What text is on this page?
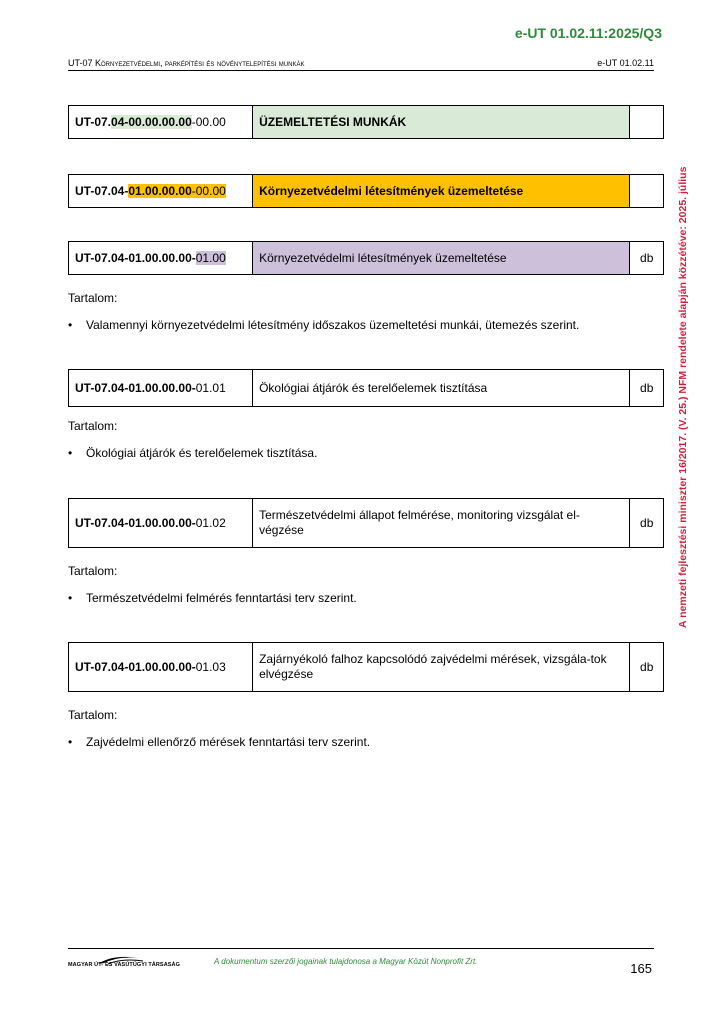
e-UT 01.02.11:2025/Q3
UT-07 Környezetvédelmi, parképítési és növénytelepítési munkák	e-UT 01.02.11
A nemzeti fejlesztési miniszter 16/2017. (V. 25.) NFM rendelete alapján közzétéve: 2025. július
UT-07.04-00.00.00.00-00.00	ÜZEMELTETÉSI MUNKÁK	
UT-07.04-01.00.00.00-00.00	Környezetvédelmi létesítmények üzemeltetése	
UT-07.04-01.00.00.00-01.00	Környezetvédelmi létesítmények üzemeltetése	db
Tartalom:
•	Valamennyi környezetvédelmi létesítmény időszakos üzemeltetési munkái, ütemezés szerint.
UT-07.04-01.00.00.00-01.01	Ökológiai átjárók és terelőelemek tisztítása	db
Tartalom:
•	Ökológiai átjárók és terelőelemek tisztítása.
UT-07.04-01.00.00.00-01.02	Természetvédelmi állapot felmérése, monitoring vizsgálat el-végzése	db
Tartalom:
•	Természetvédelmi felmérés fenntartási terv szerint.
UT-07.04-01.00.00.00-01.03	Zajárnyékoló falhoz kapcsolódó zajvédelmi mérések, vizsgála-tok elvégzése	db
Tartalom:
•	Zajvédelmi ellenőrző mérések fenntartási terv szerint.
MAGYAR ÚT- ÉS VASÚTÜGYI TÁRSASÁG	A dokumentum szerzői jogainak tulajdonosa a Magyar Közút Nonprofit Zrt.	165
